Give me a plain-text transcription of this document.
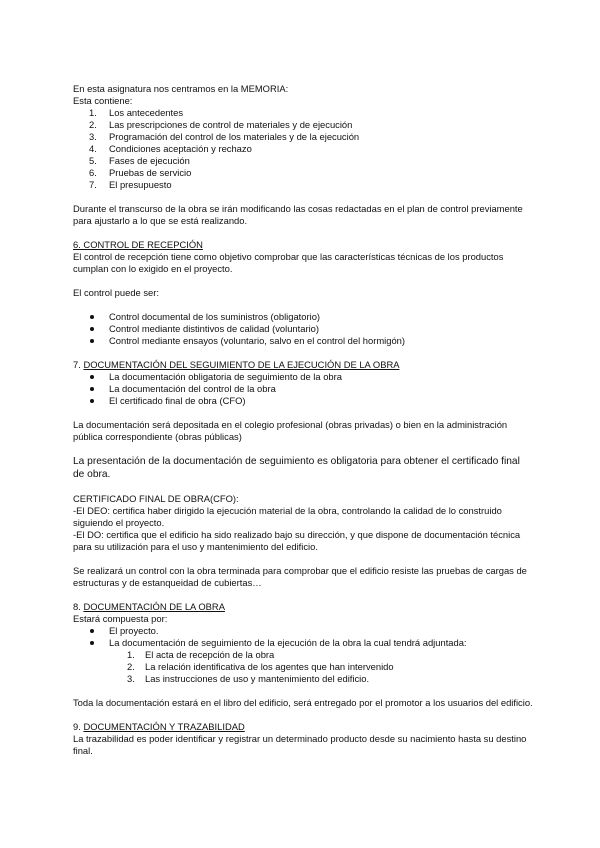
En esta asignatura nos centramos en la MEMORIA:

Esta contiene:

1.	Los antecedentes
2.	Las prescripciones de control de materiales y de ejecución
3.	Programación del control de los materiales y de la ejecución
4.	Condiciones aceptación y rechazo
5.	Fases de ejecución
6.	Pruebas de servicio
7.	El presupuesto

Durante el transcurso de la obra se irán modificando las cosas redactadas en el plan de control previamente para ajustarlo a lo que se está realizando.

6. CONTROL DE RECEPCIÓN

El control de recepción tiene como objetivo comprobar que las características técnicas de los productos cumplan con lo exigido en el proyecto.

El control puede ser:

Control documental de los suministros (obligatorio)
Control mediante distintivos de calidad (voluntario)
Control mediante ensayos (voluntario, salvo en el control del hormigón)

7. DOCUMENTACIÓN DEL SEGUIMIENTO DE LA EJECUCIÓN DE LA OBRA

La documentación obligatoria de seguimiento de la obra
La documentación del control de la obra
El certificado final de obra (CFO)

La documentación será depositada en el colegio profesional (obras privadas) o bien en la administración pública correspondiente (obras públicas)

La presentación de la documentación de seguimiento es obligatoria para obtener el certificado final de obra.

CERTIFICADO FINAL DE OBRA(CFO):

-El DEO: certifica haber dirigido la ejecución material de la obra, controlando la calidad de lo construido siguiendo el proyecto.

-El DO: certifica que el edificio ha sido realizado bajo su dirección, y que dispone de documentación técnica para su utilización para el uso y mantenimiento del edificio.

Se realizará un control con la obra terminada para comprobar que el edificio resiste las pruebas de cargas de estructuras y de estanqueidad de cubiertas…

8. DOCUMENTACIÓN DE LA OBRA

Estará compuesta por:

El proyecto.
La documentación de seguimiento de la ejecución de la obra la cual tendrá adjuntada:
1. El acta de recepción de la obra
2. La relación identificativa de los agentes que han intervenido
3. Las instrucciones de uso y mantenimiento del edificio.

Toda la documentación estará en el libro del edificio, será entregado por el promotor a los usuarios del edificio.

9. DOCUMENTACIÓN Y TRAZABILIDAD

La trazabilidad es poder identificar y registrar un determinado producto desde su nacimiento hasta su destino final.
